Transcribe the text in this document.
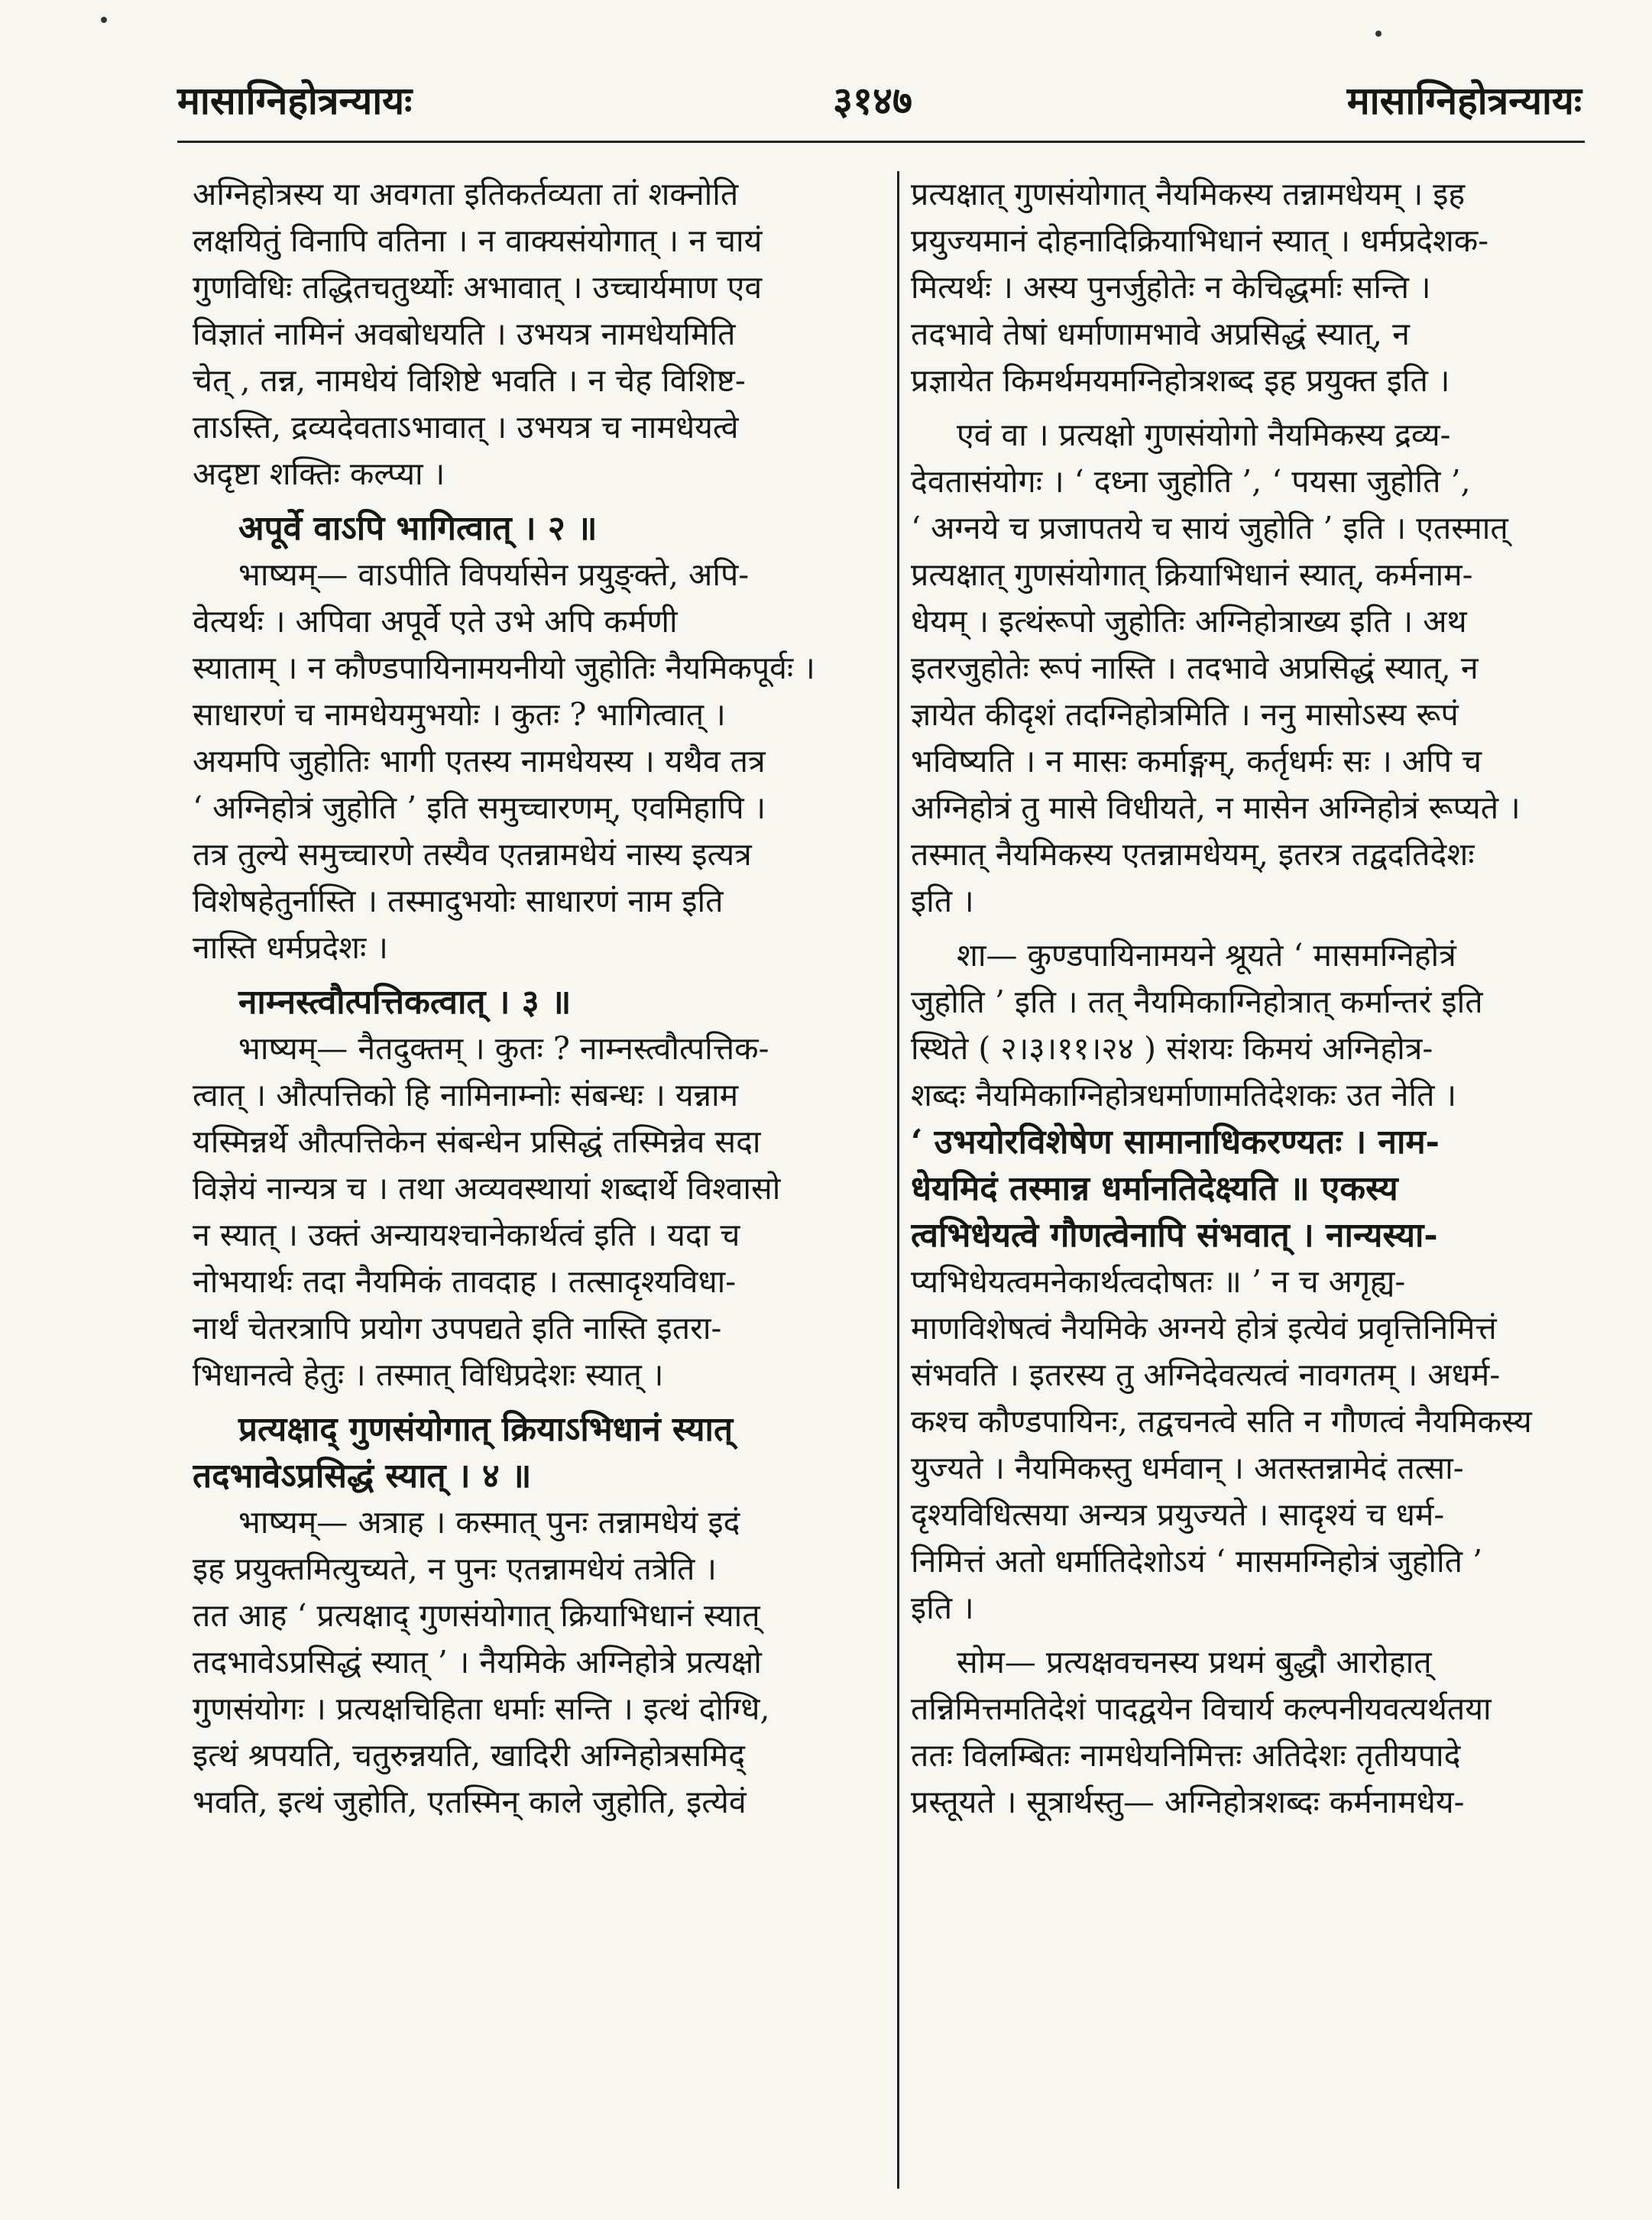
मासाग्निहोत्रन्यायः	३१४७	मासाग्निहोत्रन्यायः
अग्निहोत्रस्य या अवगता इतिकर्तव्यता तां शक्नोति
लक्षयितुं विनापि वतिना । न वाक्यसंयोगात् । न चायं
गुणविधिः तद्धितचतुर्थ्योः अभावात् । उच्चार्यमाण एव
विज्ञातं नामिनं अवबोधयति । उभयत्र नामधेयमिति
चेत् , तन्न, नामधेयं विशिष्टे भवति । न चेह विशिष्ट-
ताऽस्ति, द्रव्यदेवताऽभावात् । उभयत्र च नामधेयत्वे
अदृष्टा शक्तिः कल्प्या ।
अपूर्वे वाऽपि भागित्वात् । २ ॥
भाष्यम्— वाऽपीति विपर्यासेन प्रयुङ्क्ते, अपि-
वेत्यर्थः । अपिवा अपूर्वे एते उभे अपि कर्मणी
स्याताम् । न कौण्डपायिनामयनीयो जुहोतिः नैयमिकपूर्वः ।
साधारणं च नामधेयमुभयोः । कुतः ? भागित्वात् ।
अयमपि जुहोतिः भागी एतस्य नामधेयस्य । यथैव तत्र
‘ अग्निहोत्रं जुहोति ’ इति समुच्चारणम्, एवमिहापि ।
तत्र तुल्ये समुच्चारणे तस्यैव एतन्नामधेयं नास्य इत्यत्र
विशेषहेतुर्नास्ति । तस्मादुभयोः साधारणं नाम इति
नास्ति धर्मप्रदेशः ।
नाम्नस्त्वौत्पत्तिकत्वात् । ३ ॥
भाष्यम्— नैतदुक्तम् । कुतः ? नाम्नस्त्वौत्पत्तिक-
त्वात् । औत्पत्तिको हि नामिनाम्नोः संबन्धः । यन्नाम
यस्मिन्नर्थे औत्पत्तिकेन संबन्धेन प्रसिद्धं तस्मिन्नेव सदा
विज्ञेयं नान्यत्र च । तथा अव्यवस्थायां शब्दार्थे विश्वासो
न स्यात् । उक्तं अन्यायश्चानेकार्थत्वं इति । यदा च
नोभयार्थः तदा नैयमिकं तावदाह । तत्सादृश्यविधा-
नार्थं चेतरत्रापि प्रयोग उपपद्यते इति नास्ति इतरा-
भिधानत्वे हेतुः । तस्मात् विधिप्रदेशः स्यात् ।
प्रत्यक्षाद् गुणसंयोगात् क्रियाऽभिधानं स्यात्
तदभावेऽप्रसिद्धं स्यात् । ४ ॥
भाष्यम्— अत्राह । कस्मात् पुनः तन्नामधेयं इदं
इह प्रयुक्तमित्युच्यते, न पुनः एतन्नामधेयं तत्रेति ।
तत आह ‘ प्रत्यक्षाद् गुणसंयोगात् क्रियाभिधानं स्यात्
तदभावेऽप्रसिद्धं स्यात् ’ । नैयमिके अग्निहोत्रे प्रत्यक्षो
गुणसंयोगः । प्रत्यक्षचिहिता धर्माः सन्ति । इत्थं दोग्धि,
इत्थं श्रपयति, चतुरुन्नयति, खादिरी अग्निहोत्रसमिद्
भवति, इत्थं जुहोति, एतस्मिन् काले जुहोति, इत्येवं
प्रत्यक्षात् गुणसंयोगात् नैयमिकस्य तन्नामधेयम् । इह
प्रयुज्यमानं दोहनादिक्रियाभिधानं स्यात् । धर्मप्रदेशक-
मित्यर्थः । अस्य पुनर्जुहोतेः न केचिद्धर्माः सन्ति ।
तदभावे तेषां धर्माणामभावे अप्रसिद्धं स्यात्, न
प्रज्ञायेत किमर्थमयमग्निहोत्रशब्द इह प्रयुक्त इति ।
एवं वा । प्रत्यक्षो गुणसंयोगो नैयमिकस्य द्रव्य-
देवतासंयोगः । ‘ दध्ना जुहोति ’, ‘ पयसा जुहोति ’,
‘ अग्नये च प्रजापतये च सायं जुहोति ’ इति । एतस्मात्
प्रत्यक्षात् गुणसंयोगात् क्रियाभिधानं स्यात्, कर्मनाम-
धेयम् । इत्थंरूपो जुहोतिः अग्निहोत्राख्य इति । अथ
इतरजुहोतेः रूपं नास्ति । तदभावे अप्रसिद्धं स्यात्, न
ज्ञायेत कीदृशं तदग्निहोत्रमिति । ननु मासोऽस्य रूपं
भविष्यति । न मासः कर्माङ्गम्, कर्तृधर्मः सः । अपि च
अग्निहोत्रं तु मासे विधीयते, न मासेन अग्निहोत्रं रूप्यते ।
तस्मात् नैयमिकस्य एतन्नामधेयम्, इतरत्र तद्वदतिदेशः
इति ।
शा— कुण्डपायिनामयने श्रूयते ‘ मासमग्निहोत्रं
जुहोति ’ इति । तत् नैयमिकाग्निहोत्रात् कर्मान्तरं इति
स्थिते ( २।३।११।२४ ) संशयः किमयं अग्निहोत्र-
शब्दः नैयमिकाग्निहोत्रधर्माणामतिदेशकः उत नेति ।
‘ उभयोरविशेषेण सामानाधिकरण्यतः । नाम-
धेयमिदं तस्मान्न धर्मानतिदेक्ष्यति ॥ एकस्य
त्वभिधेयत्वे गौणत्वेनापि संभवात् । नान्यस्या-
प्यभिधेयत्वमनेकार्थत्वदोषतः ॥ ’ न च अगृह्य-
माणविशेषत्वं नैयमिके अग्नये होत्रं इत्येवं प्रवृत्तिनिमित्तं
संभवति । इतरस्य तु अग्निदेवत्यत्वं नावगतम् । अधर्म-
कश्च कौण्डपायिनः, तद्वचनत्वे सति न गौणत्वं नैयमिकस्य
युज्यते । नैयमिकस्तु धर्मवान् । अतस्तन्नामेदं तत्सा-
दृश्यविधित्सया अन्यत्र प्रयुज्यते । सादृश्यं च धर्म-
निमित्तं अतो धर्मातिदेशोऽयं ‘ मासमग्निहोत्रं जुहोति ’
इति ।
सोम— प्रत्यक्षवचनस्य प्रथमं बुद्धौ आरोहात्
तन्निमित्तमतिदेशं पादद्वयेन विचार्य कल्पनीयवत्यर्थतया
ततः विलम्बितः नामधेयनिमित्तः अतिदेशः तृतीयपादे
प्रस्तूयते । सूत्रार्थस्तु— अग्निहोत्रशब्दः कर्मनामधेय-
